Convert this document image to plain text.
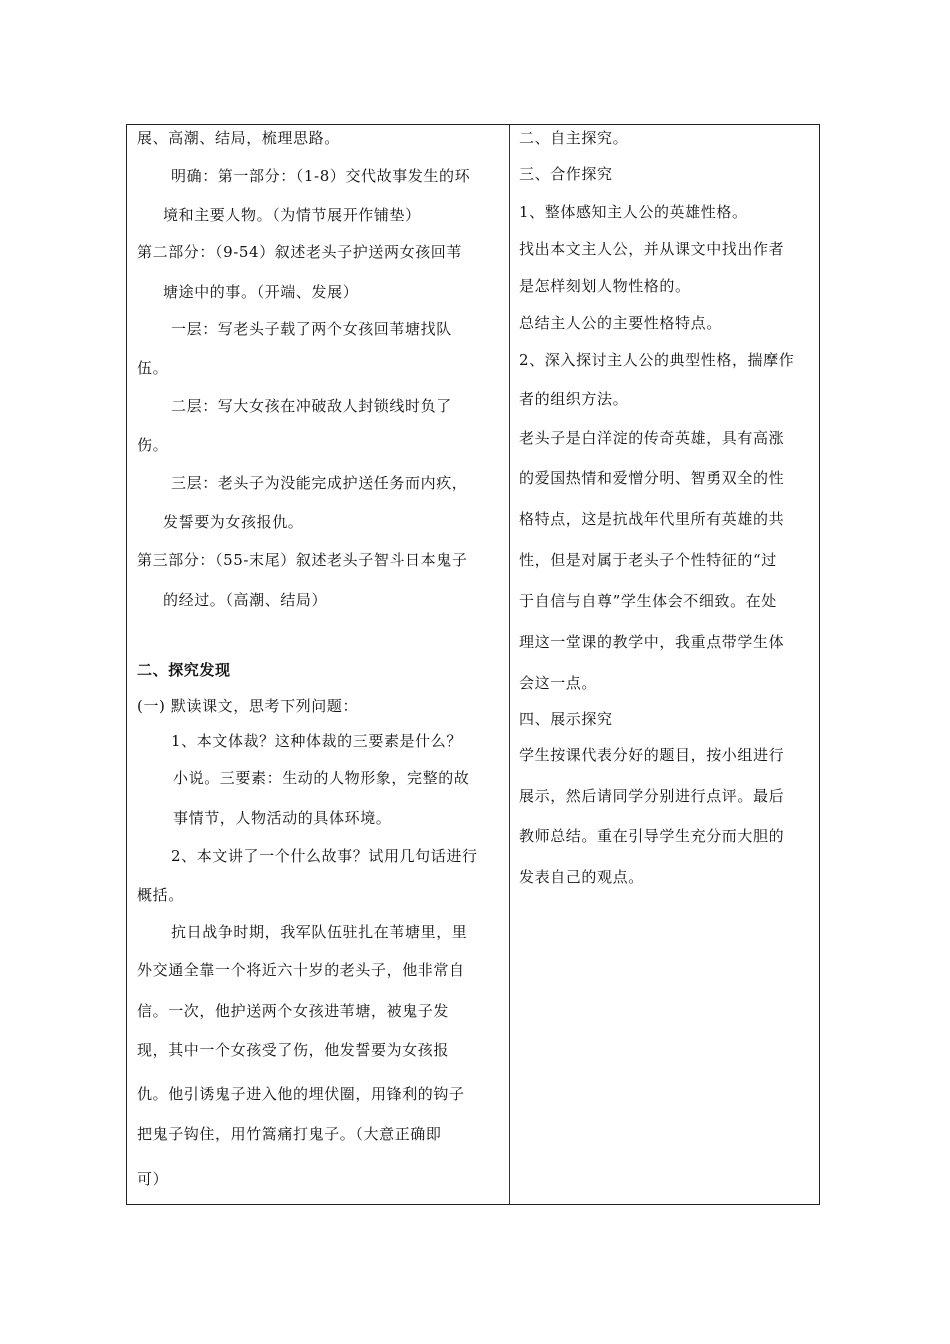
展、高潮、结局，梳理思路。
明确：第一部分：（1-8）交代故事发生的环
境和主要人物。（为情节展开作铺垫）
第二部分：（9-54）叙述老头子护送两女孩回苇
塘途中的事。（开端、发展）
一层：写老头子载了两个女孩回苇塘找队
伍。
二层：写大女孩在冲破敌人封锁线时负了
伤。
三层：老头子为没能完成护送任务而内疚，
发誓要为女孩报仇。
第三部分：（55-末尾）叙述老头子智斗日本鬼子
的经过。（高潮、结局）
二、探究发现
(一) 默读课文，思考下列问题：
1、本文体裁？这种体裁的三要素是什么？
小说。三要素：生动的人物形象，完整的故
事情节，人物活动的具体环境。
2、本文讲了一个什么故事？试用几句话进行
概括。
抗日战争时期，我军队伍驻扎在苇塘里，里
外交通全靠一个将近六十岁的老头子，他非常自
信。一次，他护送两个女孩进苇塘，被鬼子发
现，其中一个女孩受了伤，他发誓要为女孩报
仇。他引诱鬼子进入他的埋伏圈，用锋利的钩子
把鬼子钩住，用竹篙痛打鬼子。（大意正确即
可）
二、自主探究。
三、合作探究
1、整体感知主人公的英雄性格。
找出本文主人公，并从课文中找出作者
是怎样刻划人物性格的。
总结主人公的主要性格特点。
2、深入探讨主人公的典型性格，揣摩作
者的组织方法。
老头子是白洋淀的传奇英雄，具有高涨
的爱国热情和爱憎分明、智勇双全的性
格特点，这是抗战年代里所有英雄的共
性，但是对属于老头子个性特征的“过
于自信与自尊”学生体会不细致。在处
理这一堂课的教学中，我重点带学生体
会这一点。
四、展示探究
学生按课代表分好的题目，按小组进行
展示，然后请同学分别进行点评。最后
教师总结。重在引导学生充分而大胆的
发表自己的观点。
